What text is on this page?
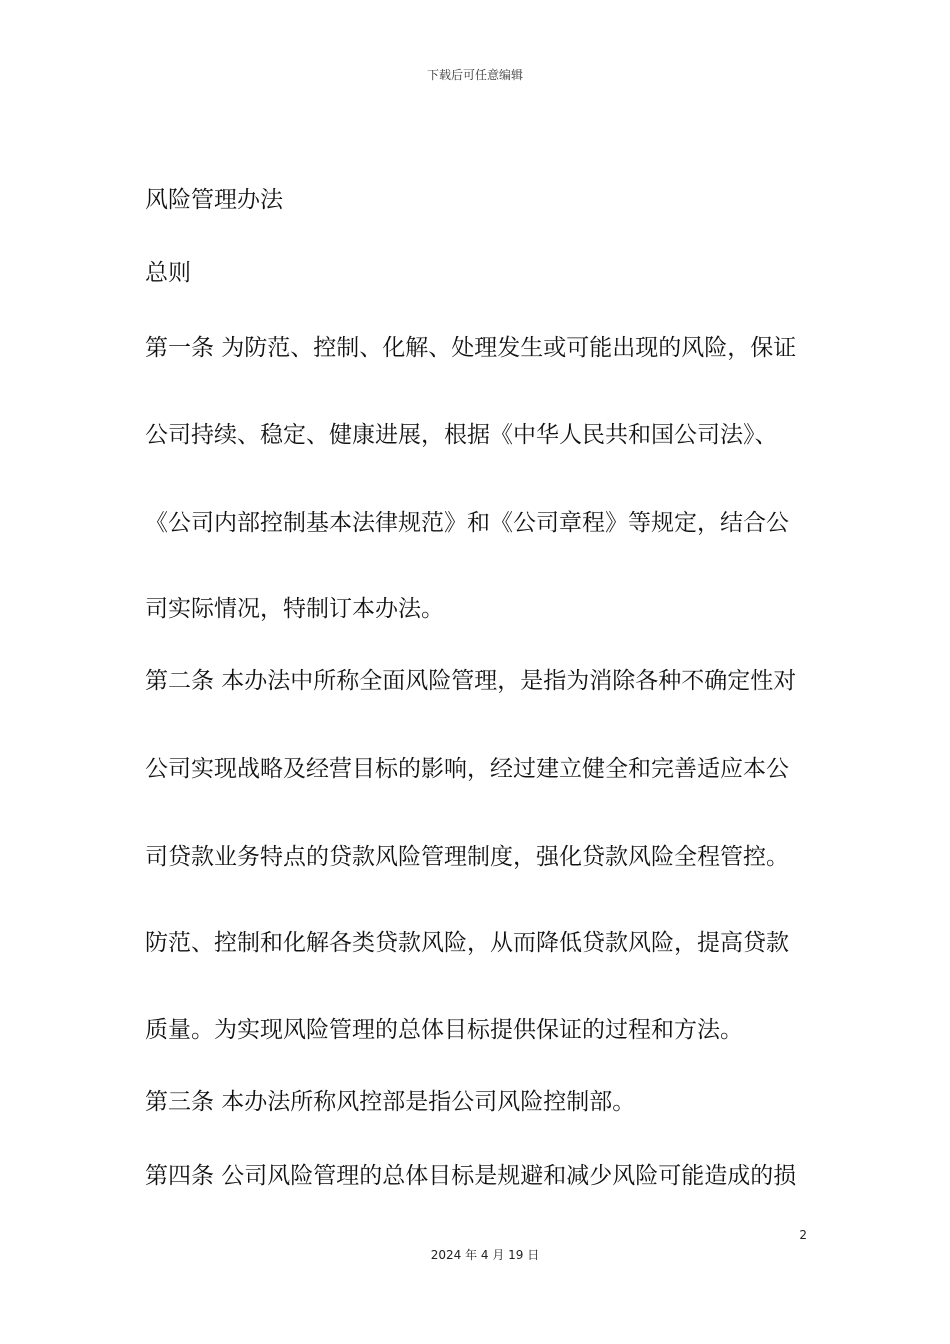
下载后可任意编辑
风险管理办法
总则
第一条 为防范、控制、化解、处理发生或可能出现的风险，保证
公司持续、稳定、健康进展，根据《中华人民共和国公司法》、
《公司内部控制基本法律规范》和《公司章程》等规定，结合公
司实际情况，特制订本办法。
第二条 本办法中所称全面风险管理，是指为消除各种不确定性对
公司实现战略及经营目标的影响，经过建立健全和完善适应本公
司贷款业务特点的贷款风险管理制度，强化贷款风险全程管控。
防范、控制和化解各类贷款风险，从而降低贷款风险，提高贷款
质量。为实现风险管理的总体目标提供保证的过程和方法。
第三条 本办法所称风控部是指公司风险控制部。
第四条 公司风险管理的总体目标是规避和减少风险可能造成的损
2
2024 年 4 月 19 日
